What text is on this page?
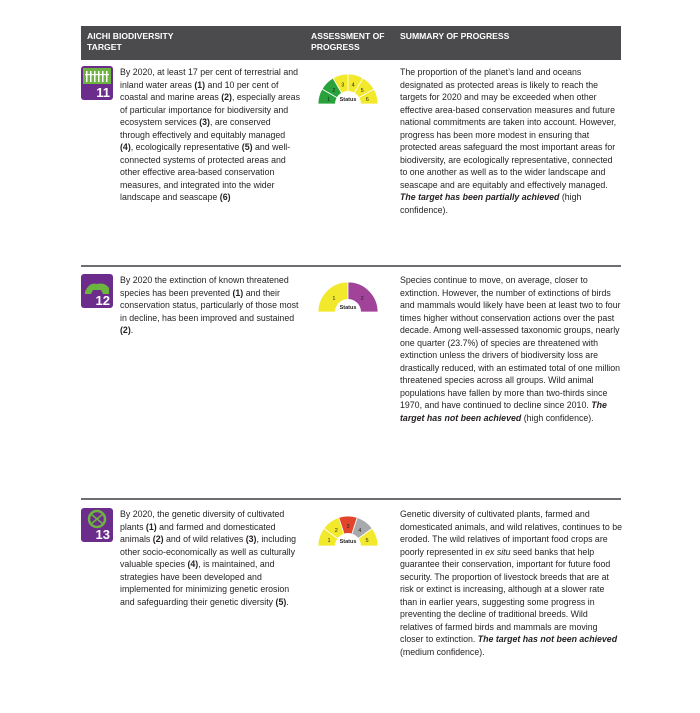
AICHI BIODIVERSITY TARGET
ASSESSMENT OF PROGRESS
SUMMARY OF PROGRESS
11
By 2020, at least 17 per cent of terrestrial and inland water areas (1) and 10 per cent of coastal and marine areas (2), especially areas of particular importance for biodiversity and ecosystem services (3), are conserved through effectively and equitably managed (4), ecologically representative (5) and well-connected systems of protected areas and other effective area-based conservation measures, and integrated into the wider landscape and seascape (6)
1
2
3 4
5
6
Status
The proportion of the planet’s land and oceans designated as protected areas is likely to reach the targets for 2020 and may be exceeded when other effective area-based conservation measures and future national commitments are taken into account. However, progress has been more modest in ensuring that protected areas safeguard the most important areas for biodiversity, are ecologically representative, connected to one another as well as to the wider landscape and seascape and are equitably and effectively managed. The target has been partially achieved (high confidence).
12
By 2020 the extinction of known threatened species has been prevented (1) and their conservation status, particularly of those most in decline, has been improved and sustained (2).
1	2
Status
Species continue to move, on average, closer to extinction. However, the number of extinctions of birds and mammals would likely have been at least two to four times higher without conservation actions over the past decade. Among well-assessed taxonomic groups, nearly one quarter (23.7%) of species are threatened with extinction unless the drivers of biodiversity loss are drastically reduced, with an estimated total of one million threatened species across all groups. Wild animal populations have fallen by more than two-thirds since 1970, and have continued to decline since 2010. The target has not been achieved (high confidence).
13
By 2020, the genetic diversity of cultivated plants (1) and farmed and domesticated animals (2) and of wild relatives (3), including other socio-economically as well as culturally valuable species (4), is maintained, and strategies have been developed and implemented for minimizing genetic erosion and safeguarding their genetic diversity (5).
1
2
3
4
5
Status
Genetic diversity of cultivated plants, farmed and domesticated animals, and wild relatives, continues to be eroded. The wild relatives of important food crops are poorly represented in ex situ seed banks that help guarantee their conservation, important for future food security. The proportion of livestock breeds that are at risk or extinct is increasing, although at a slower rate than in earlier years, suggesting some progress in preventing the decline of traditional breeds. Wild relatives of farmed birds and mammals are moving closer to extinction. The target has not been achieved (medium confidence).
